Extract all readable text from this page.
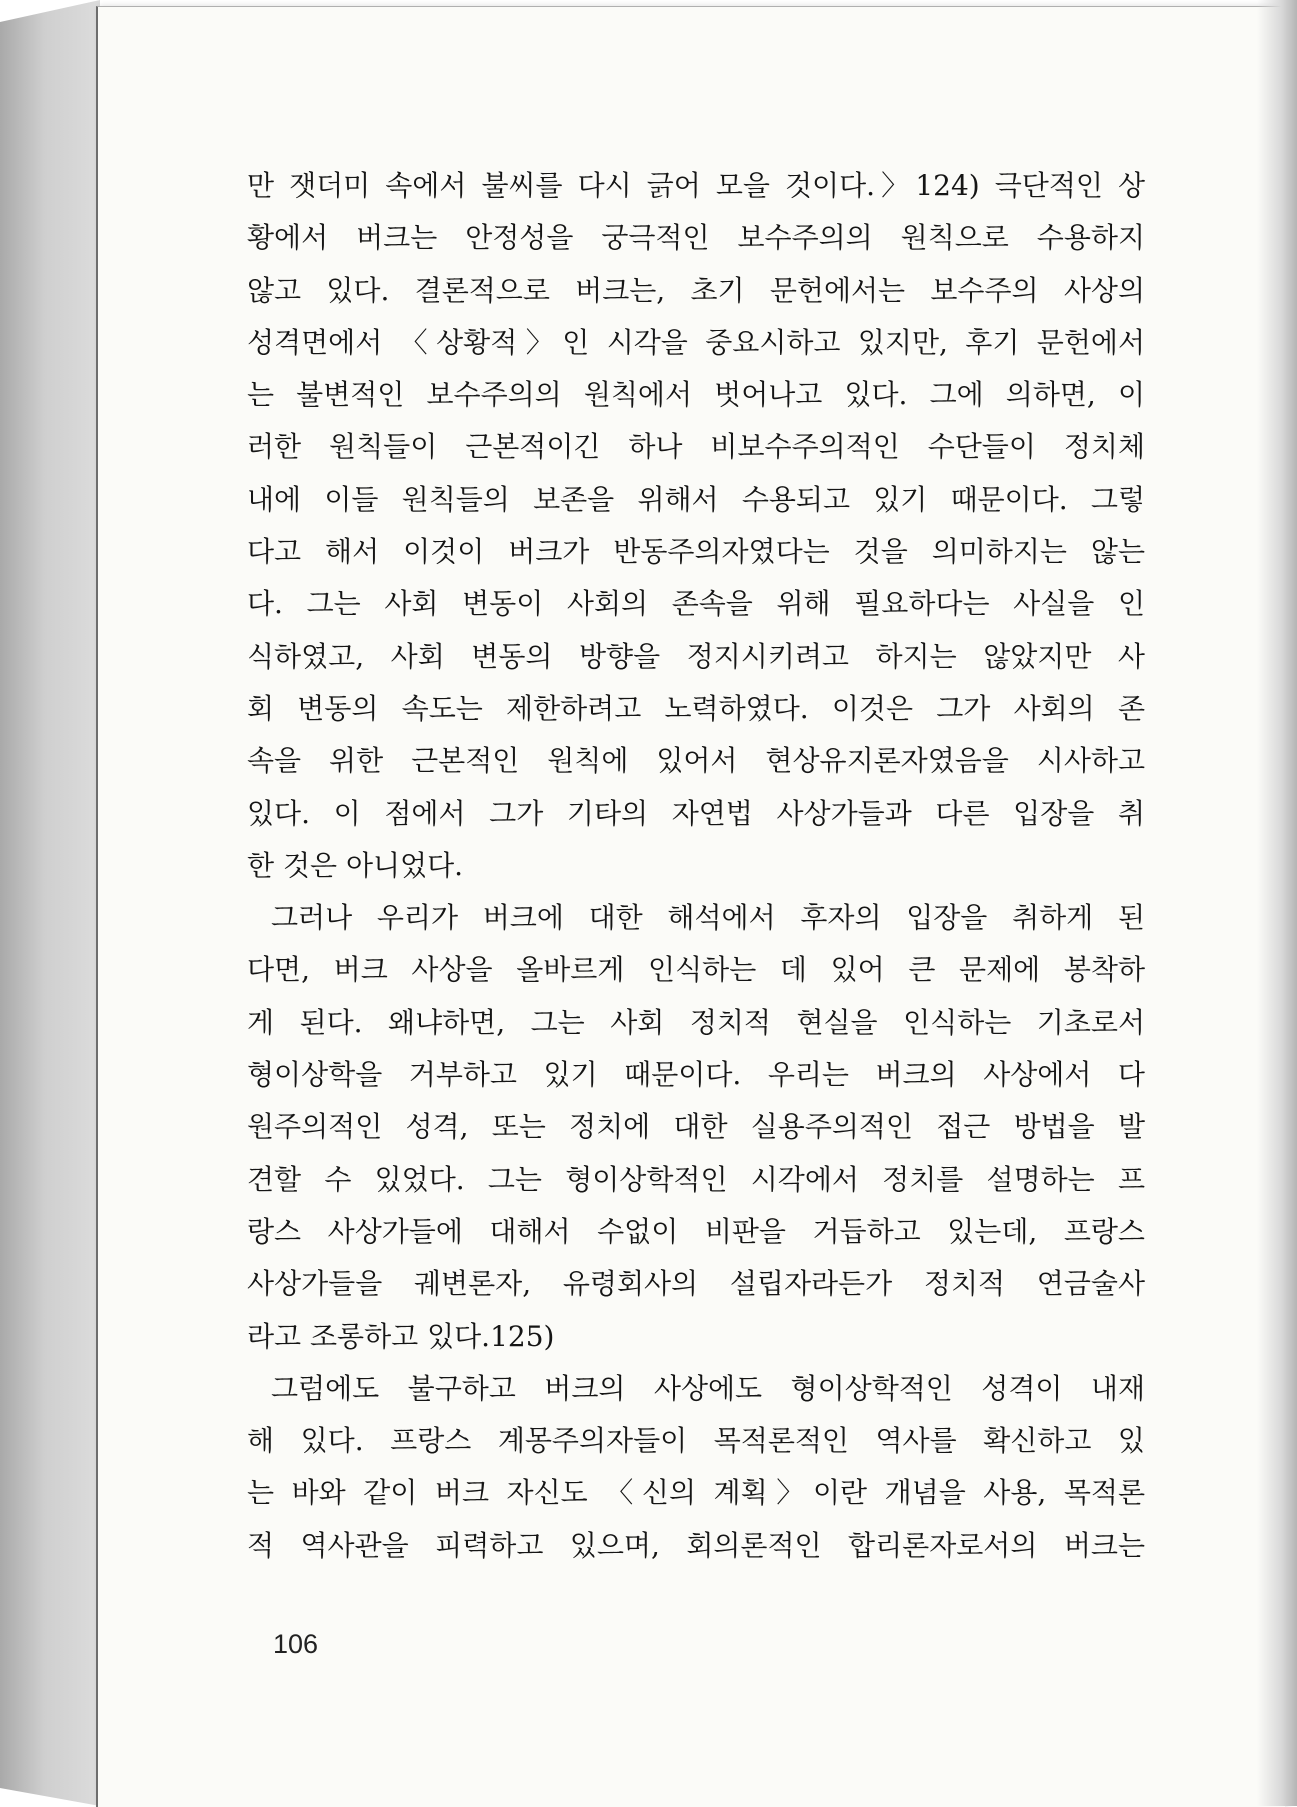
만 잿더미 속에서 불씨를 다시 긁어 모을 것이다.〉124) 극단적인 상
황에서 버크는 안정성을 궁극적인 보수주의의 원칙으로 수용하지
않고 있다. 결론적으로 버크는, 초기 문헌에서는 보수주의 사상의
성격면에서 〈상황적〉인 시각을 중요시하고 있지만, 후기 문헌에서
는 불변적인 보수주의의 원칙에서 벗어나고 있다. 그에 의하면, 이
러한 원칙들이 근본적이긴 하나 비보수주의적인 수단들이 정치체
내에 이들 원칙들의 보존을 위해서 수용되고 있기 때문이다. 그렇
다고 해서 이것이 버크가 반동주의자였다는 것을 의미하지는 않는
다. 그는 사회 변동이 사회의 존속을 위해 필요하다는 사실을 인
식하였고, 사회 변동의 방향을 정지시키려고 하지는 않았지만 사
회 변동의 속도는 제한하려고 노력하였다. 이것은 그가 사회의 존
속을 위한 근본적인 원칙에 있어서 현상유지론자였음을 시사하고
있다. 이 점에서 그가 기타의 자연법 사상가들과 다른 입장을 취
한 것은 아니었다.
그러나 우리가 버크에 대한 해석에서 후자의 입장을 취하게 된
다면, 버크 사상을 올바르게 인식하는 데 있어 큰 문제에 봉착하
게 된다. 왜냐하면, 그는 사회 정치적 현실을 인식하는 기초로서
형이상학을 거부하고 있기 때문이다. 우리는 버크의 사상에서 다
원주의적인 성격, 또는 정치에 대한 실용주의적인 접근 방법을 발
견할 수 있었다. 그는 형이상학적인 시각에서 정치를 설명하는 프
랑스 사상가들에 대해서 수없이 비판을 거듭하고 있는데, 프랑스
사상가들을 궤변론자, 유령회사의 설립자라든가 정치적 연금술사
라고 조롱하고 있다.125)
그럼에도 불구하고 버크의 사상에도 형이상학적인 성격이 내재
해 있다. 프랑스 계몽주의자들이 목적론적인 역사를 확신하고 있
는 바와 같이 버크 자신도 〈신의 계획〉이란 개념을 사용, 목적론
적 역사관을 피력하고 있으며, 회의론적인 합리론자로서의 버크는
106
